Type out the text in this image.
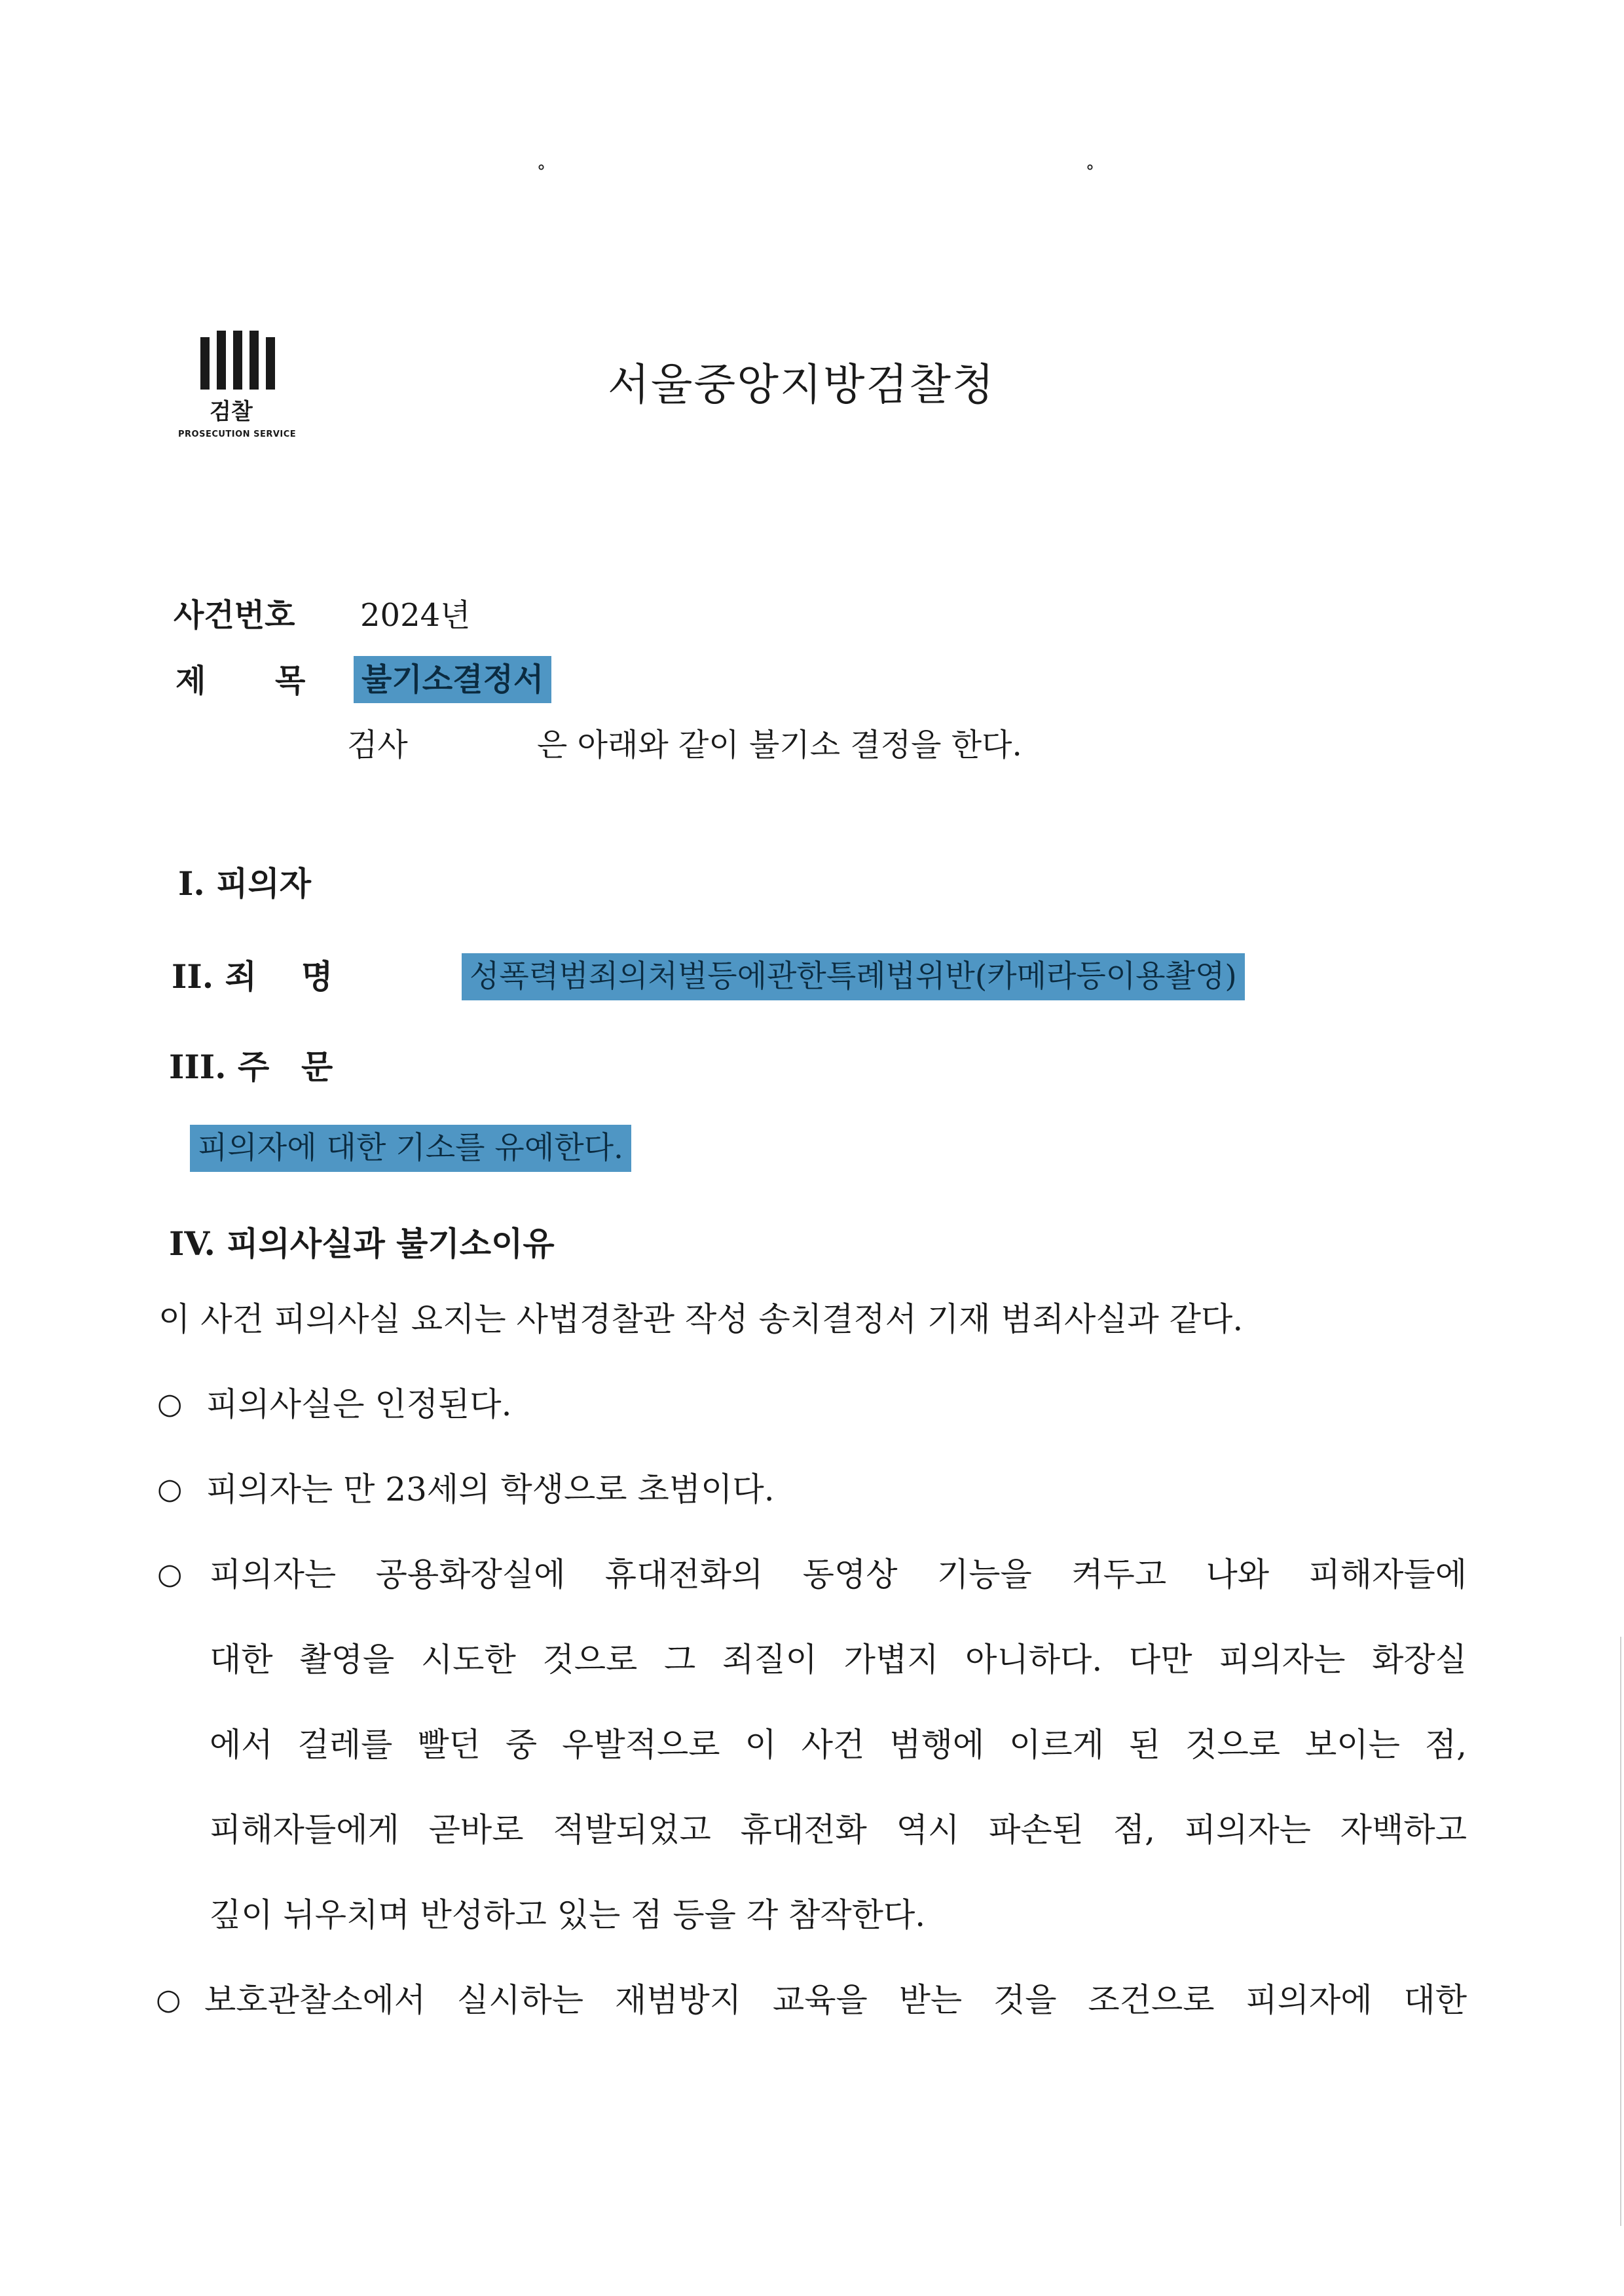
°	°
검찰
PROSECUTION SERVICE
서울중앙지방검찰청
사건번호 2024년
제 목 불기소결정서
검사	은 아래와 같이 불기소 결정을 한다.
I. 피의자
II. 죄 명	성폭력범죄의처벌등에관한특례법위반(카메라등이용촬영)
III. 주 문
피의자에 대한 기소를 유예한다.
IV. 피의사실과 불기소이유
이 사건 피의사실 요지는 사법경찰관 작성 송치결정서 기재 범죄사실과 같다.
○ 피의사실은 인정된다.
○ 피의자는 만 23세의 학생으로 초범이다.
○ 피의자는 공용화장실에 휴대전화의 동영상 기능을 켜두고 나와 피해자들에
대한 촬영을 시도한 것으로 그 죄질이 가볍지 아니하다. 다만 피의자는 화장실
에서 걸레를 빨던 중 우발적으로 이 사건 범행에 이르게 된 것으로 보이는 점,
피해자들에게 곧바로 적발되었고 휴대전화 역시 파손된 점, 피의자는 자백하고
깊이 뉘우치며 반성하고 있는 점 등을 각 참작한다.
○ 보호관찰소에서 실시하는 재범방지 교육을 받는 것을 조건으로 피의자에 대한
